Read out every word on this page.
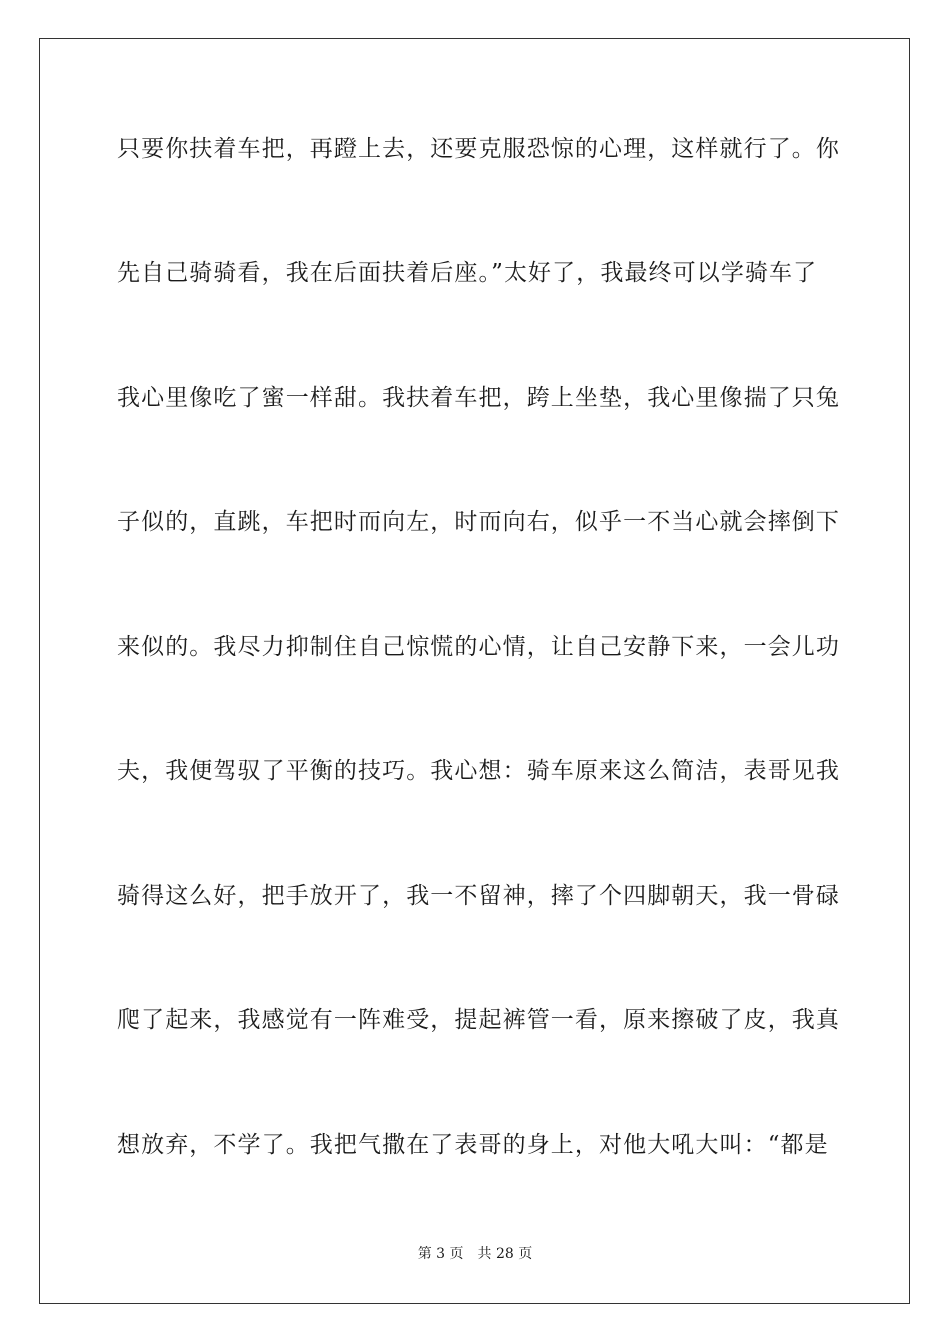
只要你扶着车把，再蹬上去，还要克服恐惊的心理，这样就行了。你
先自己骑骑看，我在后面扶着后座。”太好了，我最终可以学骑车了
我心里像吃了蜜一样甜。我扶着车把，跨上坐垫，我心里像揣了只兔
子似的，直跳，车把时而向左，时而向右，似乎一不当心就会摔倒下
来似的。我尽力抑制住自己惊慌的心情，让自己安静下来，一会儿功
夫，我便驾驭了平衡的技巧。我心想：骑车原来这么简洁，表哥见我
骑得这么好，把手放开了，我一不留神，摔了个四脚朝天，我一骨碌
爬了起来，我感觉有一阵难受，提起裤管一看，原来擦破了皮，我真
想放弃，不学了。我把气撒在了表哥的身上，对他大吼大叫：“都是
第 3 页 共 28 页
